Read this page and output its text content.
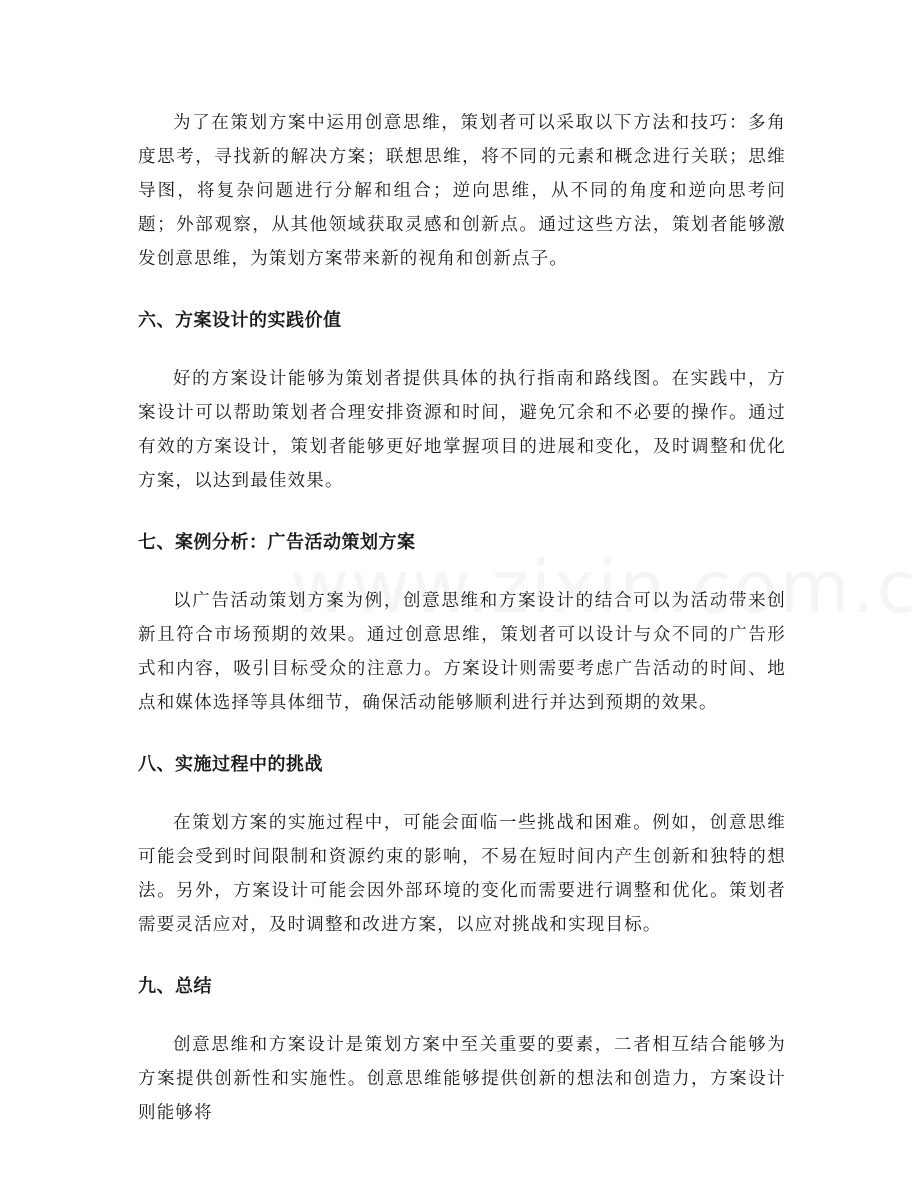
为了在策划方案中运用创意思维，策划者可以采取以下方法和技巧：多角度思考，寻找新的解决方案；联想思维，将不同的元素和概念进行关联；思维导图，将复杂问题进行分解和组合；逆向思维，从不同的角度和逆向思考问题；外部观察，从其他领域获取灵感和创新点。通过这些方法，策划者能够激发创意思维，为策划方案带来新的视角和创新点子。

六、方案设计的实践价值

好的方案设计能够为策划者提供具体的执行指南和路线图。在实践中，方案设计可以帮助策划者合理安排资源和时间，避免冗余和不必要的操作。通过有效的方案设计，策划者能够更好地掌握项目的进展和变化，及时调整和优化方案，以达到最佳效果。

七、案例分析：广告活动策划方案

以广告活动策划方案为例，创意思维和方案设计的结合可以为活动带来创新且符合市场预期的效果。通过创意思维，策划者可以设计与众不同的广告形式和内容，吸引目标受众的注意力。方案设计则需要考虑广告活动的时间、地点和媒体选择等具体细节，确保活动能够顺利进行并达到预期的效果。

八、实施过程中的挑战

在策划方案的实施过程中，可能会面临一些挑战和困难。例如，创意思维可能会受到时间限制和资源约束的影响，不易在短时间内产生创新和独特的想法。另外，方案设计可能会因外部环境的变化而需要进行调整和优化。策划者需要灵活应对，及时调整和改进方案，以应对挑战和实现目标。

九、总结

创意思维和方案设计是策划方案中至关重要的要素，二者相互结合能够为方案提供创新性和实施性。创意思维能够提供创新的想法和创造力，方案设计则能够将
